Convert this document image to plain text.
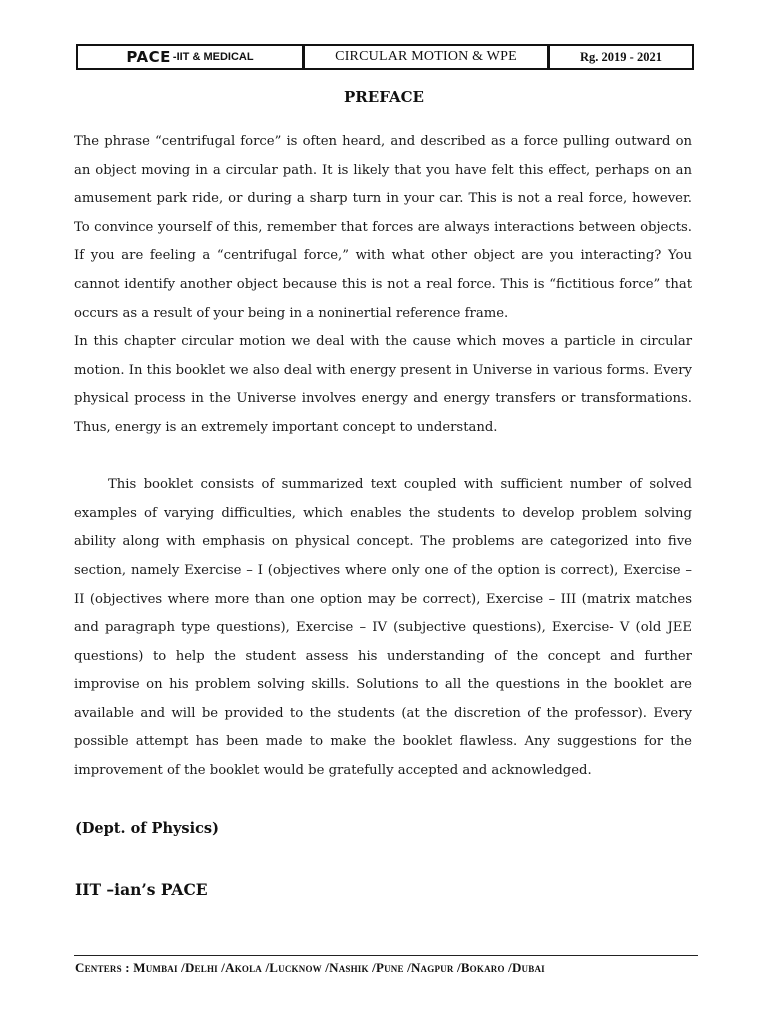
PACE -IIT & MEDICAL	CIRCULAR MOTION & WPE	Rg. 2019 - 2021
PREFACE

The phrase “centrifugal force” is often heard, and described as a force pulling outward on an object moving in a circular path. It is likely that you have felt this effect, perhaps on an amusement park ride, or during a sharp turn in your car. This is not a real force, however. To convince yourself of this, remember that forces are always interactions between objects. If you are feeling a “centrifugal force,” with what other object are you interacting? You cannot identify another object because this is not a real force. This is “fictitious force” that occurs as a result of your being in a noninertial reference frame.

In this chapter circular motion we deal with the cause which moves a particle in circular motion. In this booklet we also deal with energy present in Universe in various forms. Every physical process in the Universe involves energy and energy transfers or transformations. Thus, energy is an extremely important concept to understand.

This booklet consists of summarized text coupled with sufficient number of solved examples of varying difficulties, which enables the students to develop problem solving ability along with emphasis on physical concept. The problems are categorized into five section, namely Exercise – I (objectives where only one of the option is correct), Exercise – II (objectives where more than one option may be correct), Exercise – III (matrix matches and paragraph type questions), Exercise – IV (subjective questions), Exercise- V (old JEE questions) to help the student assess his understanding of the concept and further improvise on his problem solving skills. Solutions to all the questions in the booklet are available and will be provided to the students (at the discretion of the professor). Every possible attempt has been made to make the booklet flawless. Any suggestions for the improvement of the booklet would be gratefully accepted and acknowledged.

(Dept. of Physics)
IIT –ian’s PACE
Centers : Mumbai /Delhi /Akola /Lucknow /Nashik /Pune /Nagpur /Bokaro /Dubai
